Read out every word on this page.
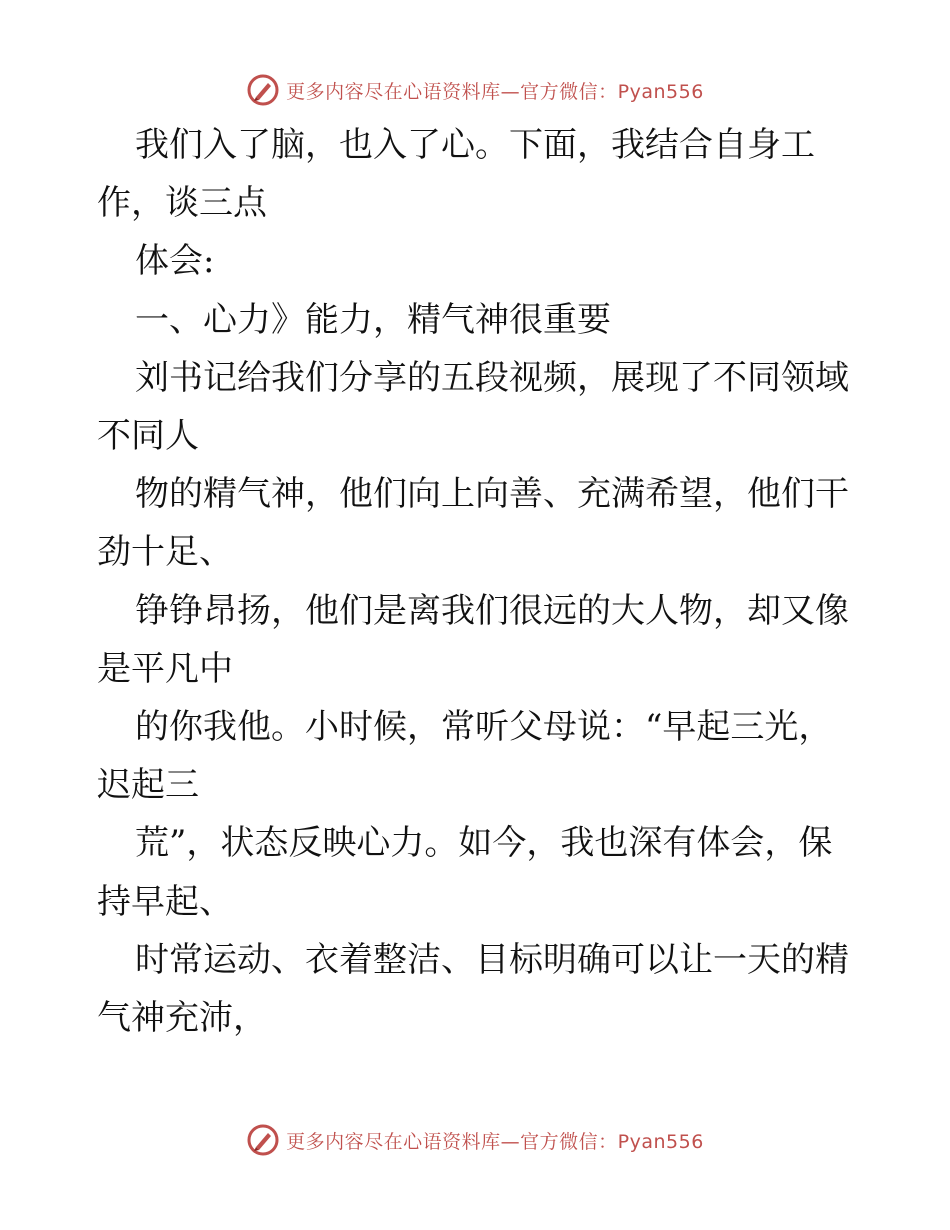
更多内容尽在心语资料库—官方微信：Pyan556
我们入了脑，也入了心。下面，我结合自身工
作，谈三点
体会:
一、心力》能力，精气神很重要
刘书记给我们分享的五段视频，展现了不同领域
不同人
物的精气神，他们向上向善、充满希望，他们干
劲十足、
铮铮昂扬，他们是离我们很远的大人物，却又像
是平凡中
的你我他。小时候，常听父母说：“早起三光，
迟起三
荒”，状态反映心力。如今，我也深有体会，保
持早起、
时常运动、衣着整洁、目标明确可以让一天的精
气神充沛，
更多内容尽在心语资料库—官方微信：Pyan556
